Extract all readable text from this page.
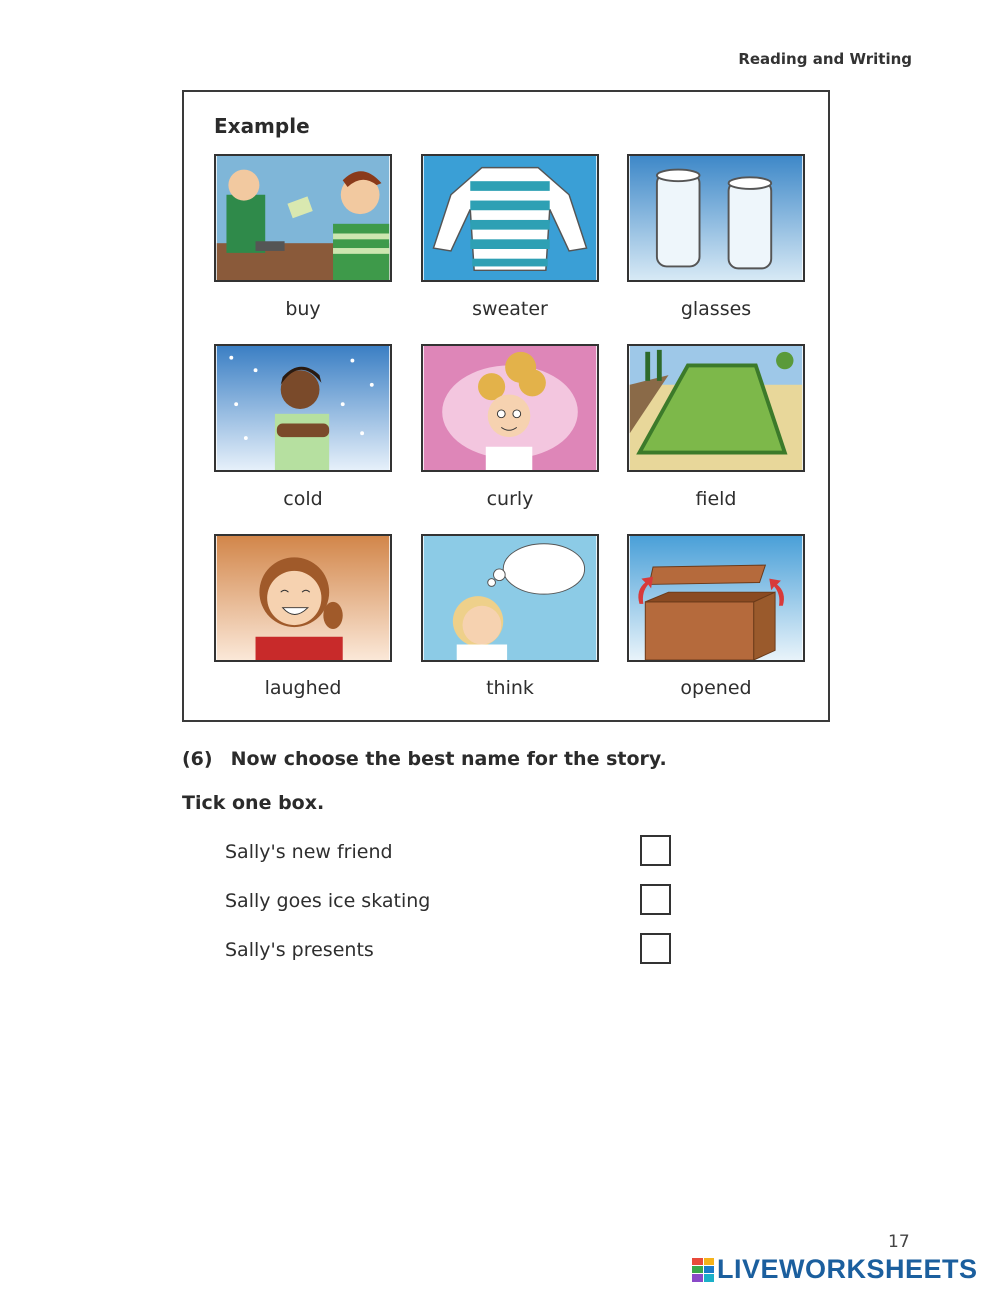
Reading and Writing
Example
buy	sweater	glasses
cold	curly	field
laughed	think	opened
(6) Now choose the best name for the story.
Tick one box.
Sally's new friend
Sally goes ice skating
Sally's presents
17
LIVEWORKSHEETS
